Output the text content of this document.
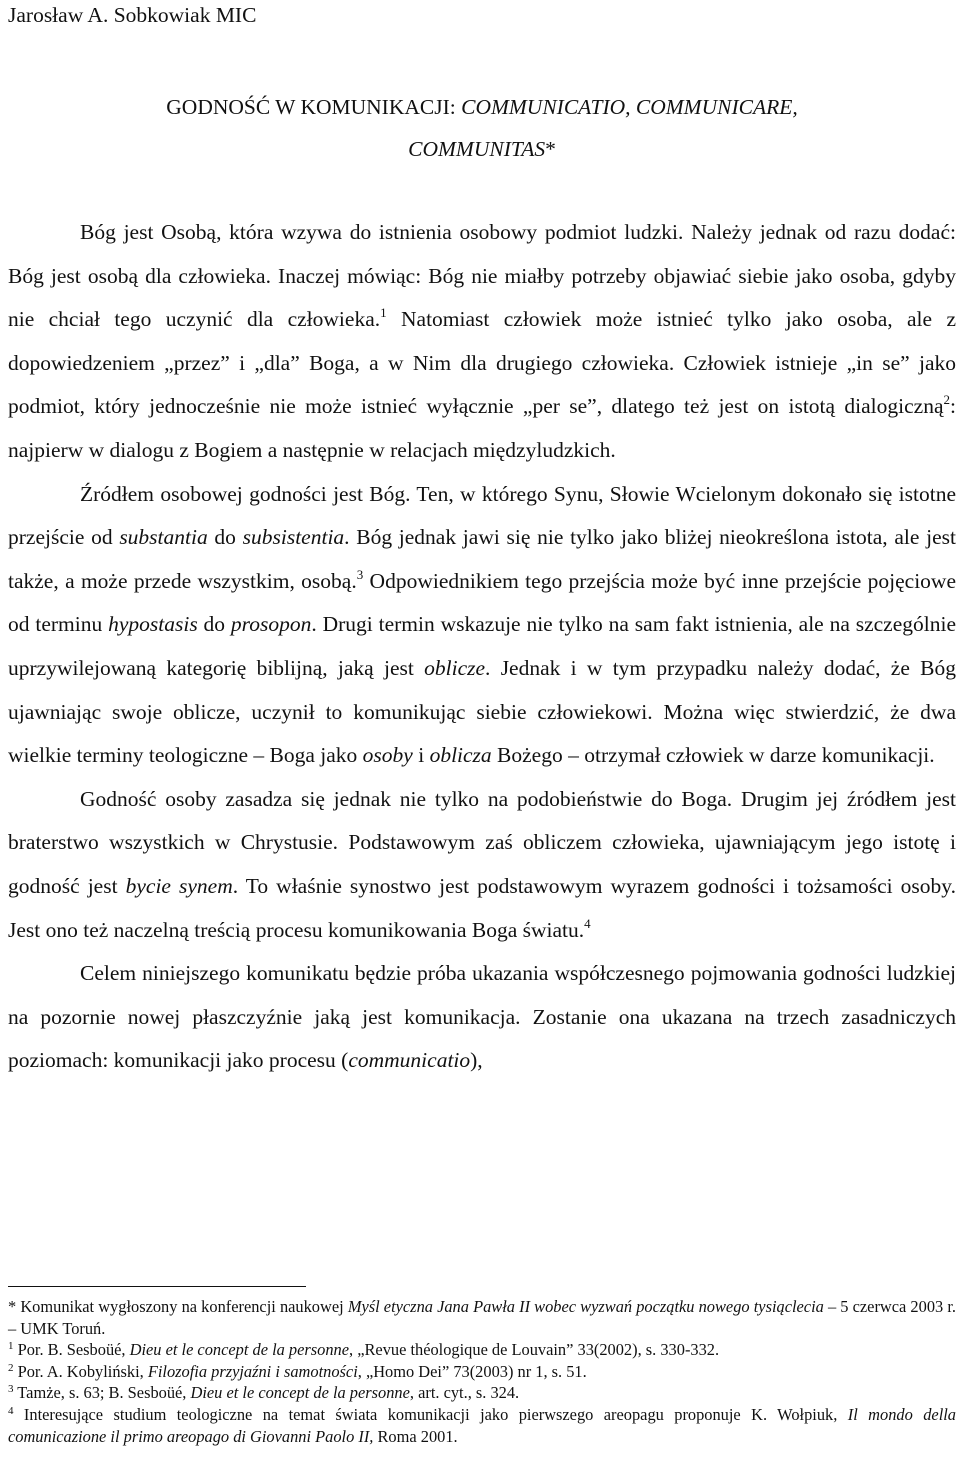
Jarosław A. Sobkowiak MIC
GODNOŚĆ W KOMUNIKACJI: COMMUNICATIO, COMMUNICARE,
COMMUNITAS*

Bóg jest Osobą, która wzywa do istnienia osobowy podmiot ludzki. Należy jednak od razu dodać: Bóg jest osobą dla człowieka. Inaczej mówiąc: Bóg nie miałby potrzeby objawiać siebie jako osoba, gdyby nie chciał tego uczynić dla człowieka.$^1$ Natomiast człowiek może istnieć tylko jako osoba, ale z dopowiedzeniem „przez” i „dla” Boga, a w Nim dla drugiego człowieka. Człowiek istnieje „in se” jako podmiot, który jednocześnie nie może istnieć wyłącznie „per se”, dlatego też jest on istotą dialogiczną$^2$: najpierw w dialogu z Bogiem a następnie w relacjach międzyludzkich.

Źródłem osobowej godności jest Bóg. Ten, w którego Synu, Słowie Wcielonym dokonało się istotne przejście od substantia do subsistentia. Bóg jednak jawi się nie tylko jako bliżej nieokreślona istota, ale jest także, a może przede wszystkim, osobą.$^3$ Odpowiednikiem tego przejścia może być inne przejście pojęciowe od terminu hypostasis do prosopon. Drugi termin wskazuje nie tylko na sam fakt istnienia, ale na szczególnie uprzywilejowaną kategorię biblijną, jaką jest oblicze. Jednak i w tym przypadku należy dodać, że Bóg ujawniając swoje oblicze, uczynił to komunikując siebie człowiekowi. Można więc stwierdzić, że dwa wielkie terminy teologiczne – Boga jako osoby i oblicza Bożego – otrzymał człowiek w darze komunikacji.

Godność osoby zasadza się jednak nie tylko na podobieństwie do Boga. Drugim jej źródłem jest braterstwo wszystkich w Chrystusie. Podstawowym zaś obliczem człowieka, ujawniającym jego istotę i godność jest bycie synem. To właśnie synostwo jest podstawowym wyrazem godności i tożsamości osoby. Jest ono też naczelną treścią procesu komunikowania Boga światu.$^4$

Celem niniejszego komunikatu będzie próba ukazania współczesnego pojmowania godności ludzkiej na pozornie nowej płaszczyźnie jaką jest komunikacja. Zostanie ona ukazana na trzech zasadniczych poziomach: komunikacji jako procesu (communicatio),

* Komunikat wygłoszony na konferencji naukowej Myśl etyczna Jana Pawła II wobec wyzwań początku nowego tysiąclecia – 5 czerwca 2003 r. – UMK Toruń.

$^1$ Por. B. Sesboüé, Dieu et le concept de la personne, „Revue théologique de Louvain” 33(2002), s. 330-332.

$^2$ Por. A. Kobyliński, Filozofia przyjaźni i samotności, „Homo Dei” 73(2003) nr 1, s. 51.

$^3$ Tamże, s. 63; B. Sesboüé, Dieu et le concept de la personne, art. cyt., s. 324.

$^4$ Interesujące studium teologiczne na temat świata komunikacji jako pierwszego areopagu proponuje K. Wołpiuk, Il mondo della comunicazione il primo areopago di Giovanni Paolo II, Roma 2001.
